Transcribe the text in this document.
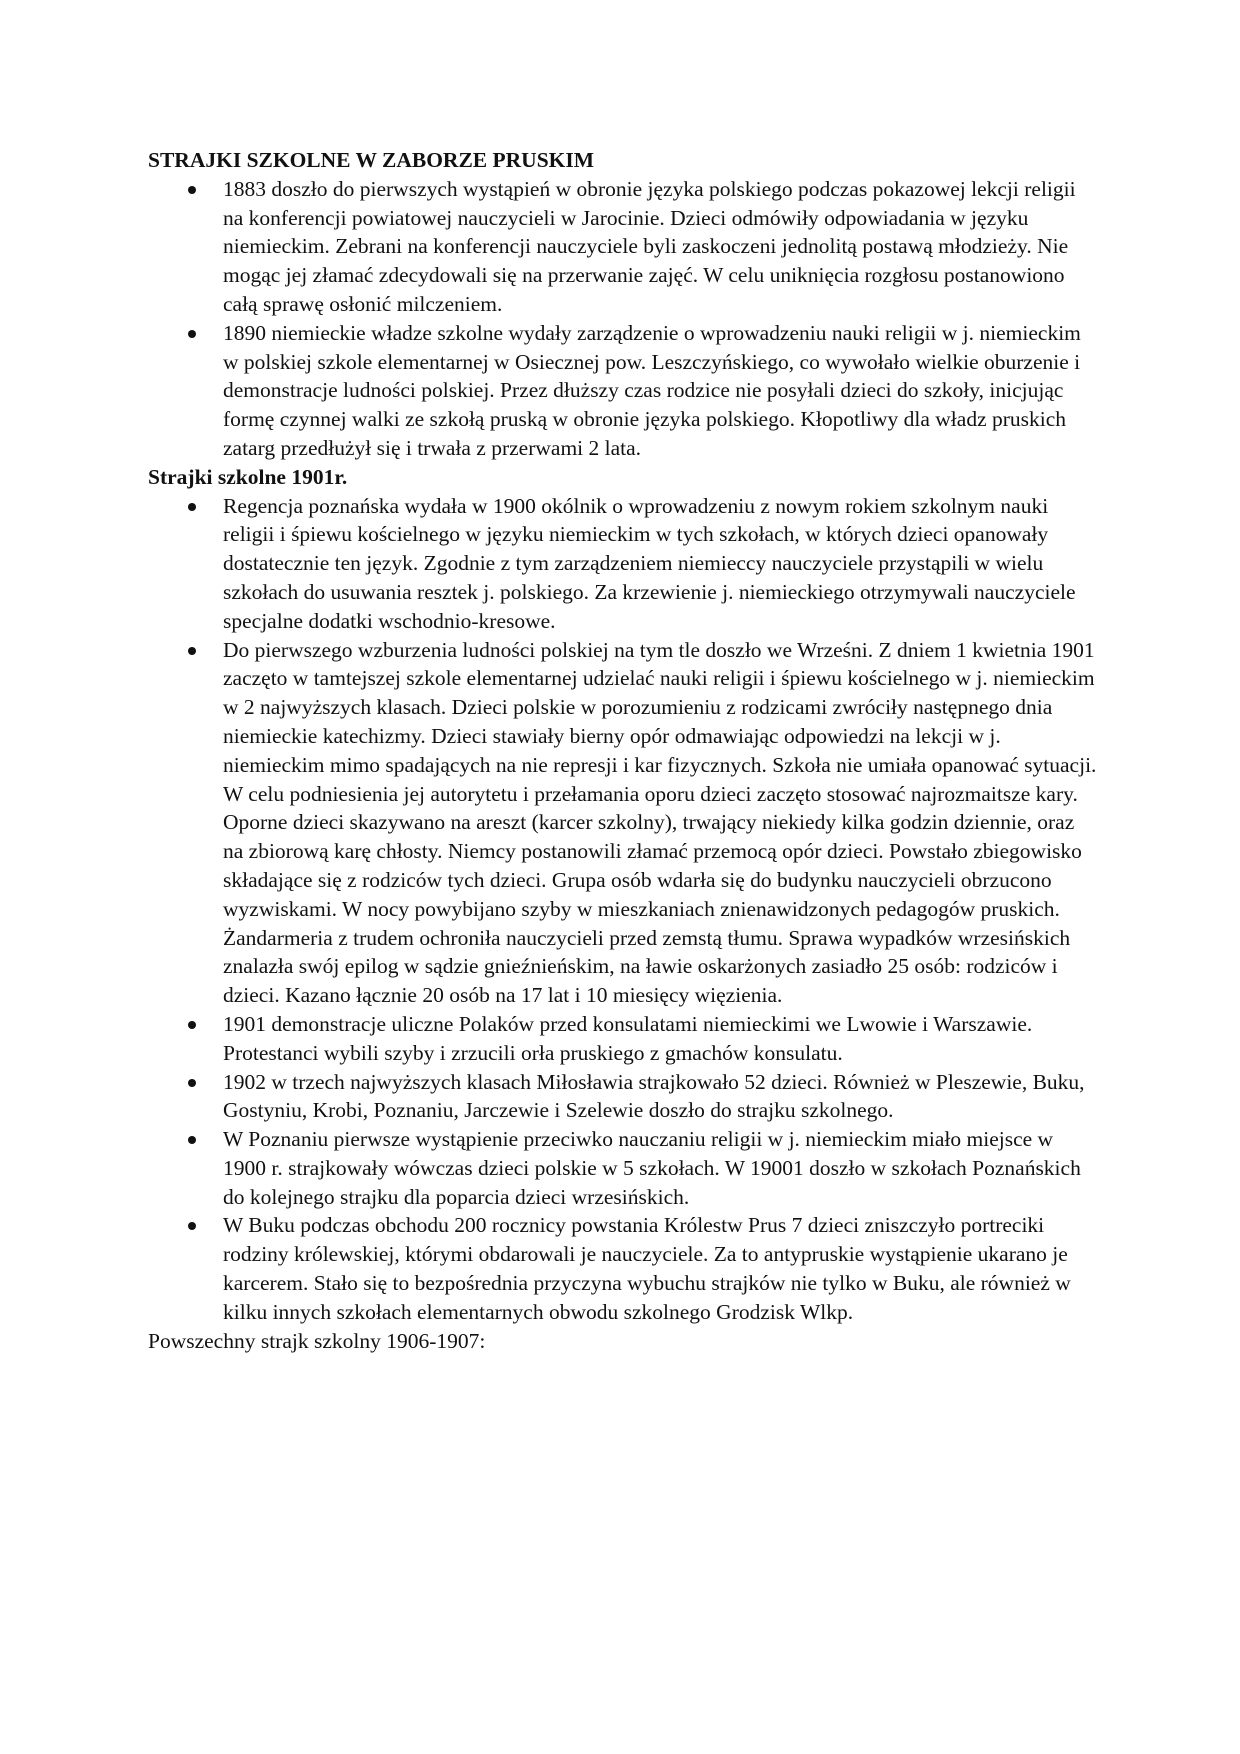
STRAJKI SZKOLNE W ZABORZE PRUSKIM

1883 doszło do pierwszych wystąpień w obronie języka polskiego podczas pokazowej lekcji religii na konferencji powiatowej nauczycieli w Jarocinie. Dzieci odmówiły odpowiadania w języku niemieckim. Zebrani na konferencji nauczyciele byli zaskoczeni jednolitą postawą młodzieży. Nie mogąc jej złamać zdecydowali się na przerwanie zajęć. W celu uniknięcia rozgłosu postanowiono całą sprawę osłonić milczeniem.
1890 niemieckie władze szkolne wydały zarządzenie o wprowadzeniu nauki religii w j. niemieckim w polskiej szkole elementarnej w Osiecznej pow. Leszczyńskiego, co wywołało wielkie oburzenie i demonstracje ludności polskiej. Przez dłuższy czas rodzice nie posyłali dzieci do szkoły, inicjując formę czynnej walki ze szkołą pruską w obronie języka polskiego. Kłopotliwy dla władz pruskich zatarg przedłużył się i trwała z przerwami 2 lata.

Strajki szkolne 1901r.

Regencja poznańska wydała w 1900 okólnik o wprowadzeniu z nowym rokiem szkolnym nauki religii i śpiewu kościelnego w języku niemieckim w tych szkołach, w których dzieci opanowały dostatecznie ten język. Zgodnie z tym zarządzeniem niemieccy nauczyciele przystąpili w wielu szkołach do usuwania resztek j. polskiego. Za krzewienie j. niemieckiego otrzymywali nauczyciele specjalne dodatki wschodnio-kresowe.
Do pierwszego wzburzenia ludności polskiej na tym tle doszło we Wrześni. Z dniem 1 kwietnia 1901 zaczęto w tamtejszej szkole elementarnej udzielać nauki religii i śpiewu kościelnego w j. niemieckim w 2 najwyższych klasach. Dzieci polskie w porozumieniu z rodzicami zwróciły następnego dnia niemieckie katechizmy. Dzieci stawiały bierny opór odmawiając odpowiedzi na lekcji w j. niemieckim mimo spadających na nie represji i kar fizycznych. Szkoła nie umiała opanować sytuacji. W celu podniesienia jej autorytetu i przełamania oporu dzieci zaczęto stosować najrozmaitsze kary. Oporne dzieci skazywano na areszt (karcer szkolny), trwający niekiedy kilka godzin dziennie, oraz na zbiorową karę chłosty. Niemcy postanowili złamać przemocą opór dzieci. Powstało zbiegowisko składające się z rodziców tych dzieci. Grupa osób wdarła się do budynku nauczycieli obrzucono wyzwiskami. W nocy powybijano szyby w mieszkaniach znienawidzonych pedagogów pruskich. Żandarmeria z trudem ochroniła nauczycieli przed zemstą tłumu. Sprawa wypadków wrzesińskich znalazła swój epilog w sądzie gnieźnieńskim, na ławie oskarżonych zasiadło 25 osób: rodziców i dzieci. Kazano łącznie 20 osób na 17 lat i 10 miesięcy więzienia.
1901 demonstracje uliczne Polaków przed konsulatami niemieckimi we Lwowie i Warszawie. Protestanci wybili szyby i zrzucili orła pruskiego z gmachów konsulatu.
1902 w trzech najwyższych klasach Miłosławia strajkowało 52 dzieci. Również w Pleszewie, Buku, Gostyniu, Krobi, Poznaniu, Jarczewie i Szelewie doszło do strajku szkolnego.
W Poznaniu pierwsze wystąpienie przeciwko nauczaniu religii w j. niemieckim miało miejsce w 1900 r. strajkowały wówczas dzieci polskie w 5 szkołach. W 19001 doszło w szkołach Poznańskich do kolejnego strajku dla poparcia dzieci wrzesińskich.
W Buku podczas obchodu 200 rocznicy powstania Królestw Prus 7 dzieci zniszczyło portreciki rodziny królewskiej, którymi obdarowali je nauczyciele. Za to antypruskie wystąpienie ukarano je karcerem. Stało się to bezpośrednia przyczyna wybuchu strajków nie tylko w Buku, ale również w kilku innych szkołach elementarnych obwodu szkolnego Grodzisk Wlkp.

Powszechny strajk szkolny 1906-1907:
